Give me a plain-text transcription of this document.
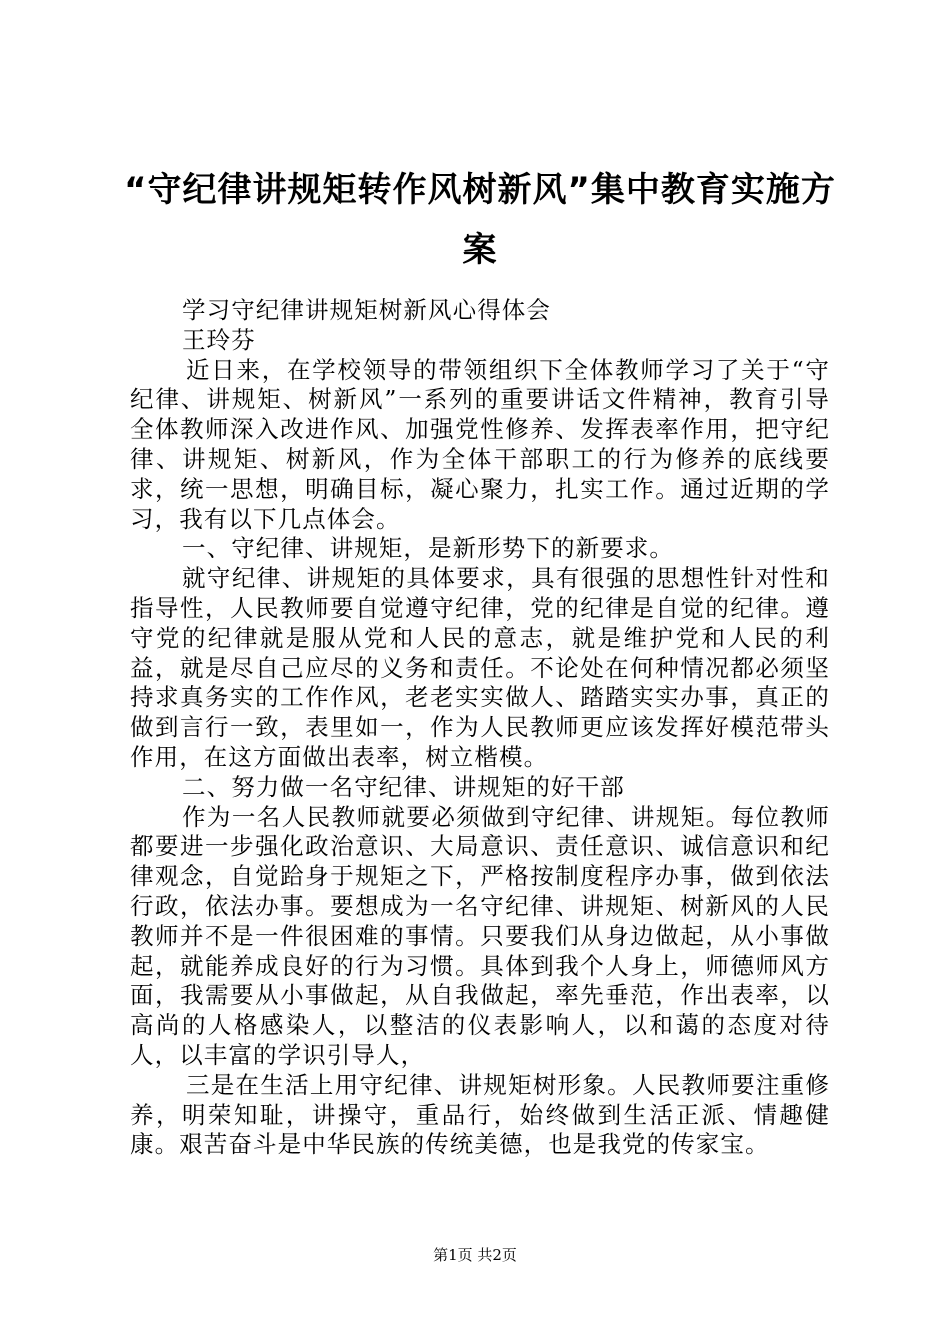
“守纪律讲规矩转作风树新风”集中教育实施方案

学习守纪律讲规矩树新风心得体会

王玲芬

近日来，在学校领导的带领组织下全体教师学习了关于“守纪律、讲规矩、树新风”一系列的重要讲话文件精神，教育引导全体教师深入改进作风、加强党性修养、发挥表率作用，把守纪律、讲规矩、树新风，作为全体干部职工的行为修养的底线要求，统一思想，明确目标，凝心聚力，扎实工作。通过近期的学习，我有以下几点体会。

一、守纪律、讲规矩，是新形势下的新要求。

就守纪律、讲规矩的具体要求，具有很强的思想性针对性和指导性，人民教师要自觉遵守纪律，党的纪律是自觉的纪律。遵守党的纪律就是服从党和人民的意志，就是维护党和人民的利益，就是尽自己应尽的义务和责任。不论处在何种情况都必须坚持求真务实的工作作风，老老实实做人、踏踏实实办事，真正的做到言行一致，表里如一，作为人民教师更应该发挥好模范带头作用，在这方面做出表率，树立楷模。

二、努力做一名守纪律、讲规矩的好干部

作为一名人民教师就要必须做到守纪律、讲规矩。每位教师都要进一步强化政治意识、大局意识、责任意识、诚信意识和纪律观念，自觉跲身于规矩之下，严格按制度程序办事，做到依法行政，依法办事。要想成为一名守纪律、讲规矩、树新风的人民教师并不是一件很困难的事情。只要我们从身边做起，从小事做起，就能养成良好的行为习惯。具体到我个人身上，师德师风方面，我需要从小事做起，从自我做起，率先垂范，作出表率，以高尚的人格感染人，以整洁的仪表影响人，以和蔼的态度对待人，以丰富的学识引导人，

三是在生活上用守纪律、讲规矩树形象。人民教师要注重修养，明荣知耻，讲操守，重品行，始终做到生活正派、情趣健康。艰苦奋斗是中华民族的传统美德，也是我党的传家宝。

第1页 共2页
